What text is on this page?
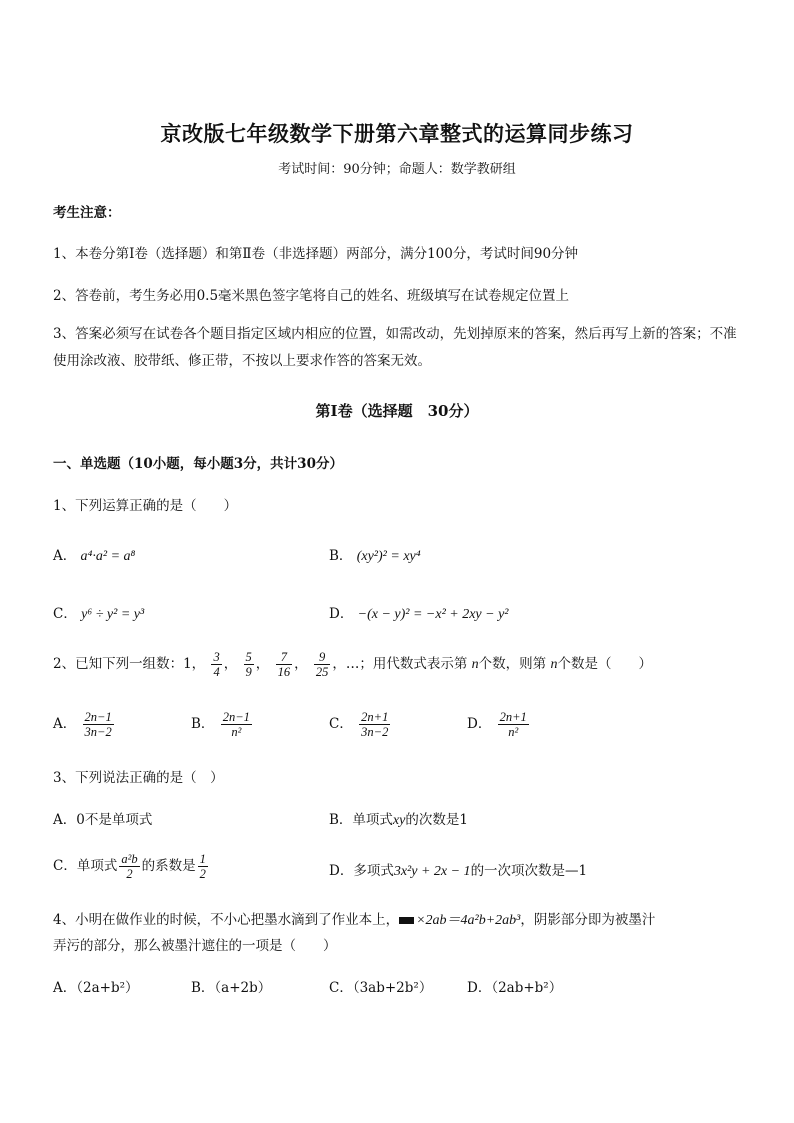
京改版七年级数学下册第六章整式的运算同步练习
考试时间：90分钟；命题人：数学教研组
考生注意：
1、本卷分第Ⅰ卷（选择题）和第Ⅱ卷（非选择题）两部分，满分100分，考试时间90分钟
2、答卷前，考生务必用0.5毫米黑色签字笔将自己的姓名、班级填写在试卷规定位置上
3、答案必须写在试卷各个题目指定区域内相应的位置，如需改动，先划掉原来的答案，然后再写上新的答案；不准使用涂改液、胶带纸、修正带，不按以上要求作答的答案无效。
第Ⅰ卷（选择题　30分）
一、单选题（10小题，每小题3分，共计30分）
1、下列运算正确的是（　　）
A． a⁴·a² = a⁸	B． (xy²)² = xy⁴
C． y⁶ ÷ y² = y³	D． −(x − y)² = −x² + 2xy − y²
2、已知下列一组数：1， $\frac{3}{4}$ ， $\frac{5}{9}$ ， $\frac{7}{16}$ ， $\frac{9}{25}$ ，…；用代数式表示第 n个数，则第 n个数是（　　）
A． $\frac{2n-1}{3n-2}$	B． $\frac{2n-1}{\text{n²}}$	C． $\frac{2n+1}{3n-2}$	D． $\frac{2n+1}{\text{n²}}$
3、下列说法正确的是（　）
A．0不是单项式	B．单项式xy的次数是1
C．单项式 $\frac{\text{a²b}}{2}$ 的系数是 $\frac{1}{2}$	D．多项式3x²y + 2x − 1的一次项次数是—1
4、小明在做作业的时候，不小心把墨水滴到了作业本上， ×2ab＝4a²b+2ab³，阴影部分即为被墨汁
弄污的部分，那么被墨汁遮住的一项是（　　）
A．（2a+b²）	B．（a+2b）	C．（3ab+2b²）	D．（2ab+b²）
